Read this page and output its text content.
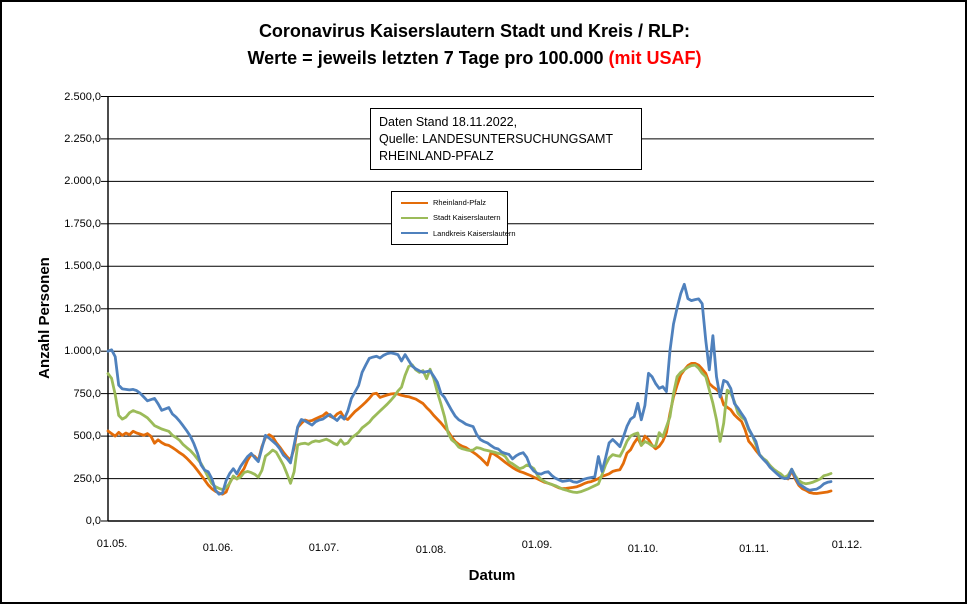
Coronavirus Kaiserslautern Stadt und Kreis / RLP:
Werte = jeweils letzten 7 Tage pro 100.000 (mit USAF)
Anzahl Personen
Datum
2.500,0
2.250,0
2.000,0
1.750,0
1.500,0
1.250,0
1.000,0
750,0
500,0
250,0
0,0
01.05.	01.06.	01.07.	01.08.	01.09.	01.10.	01.11.	01.12.
Daten Stand 18.11.2022,
Quelle: LANDESUNTERSUCHUNGSAMT
RHEINLAND-PFALZ
Rheinland-Pfalz
Stadt Kaiserslautern
Landkreis Kaiserslautern
